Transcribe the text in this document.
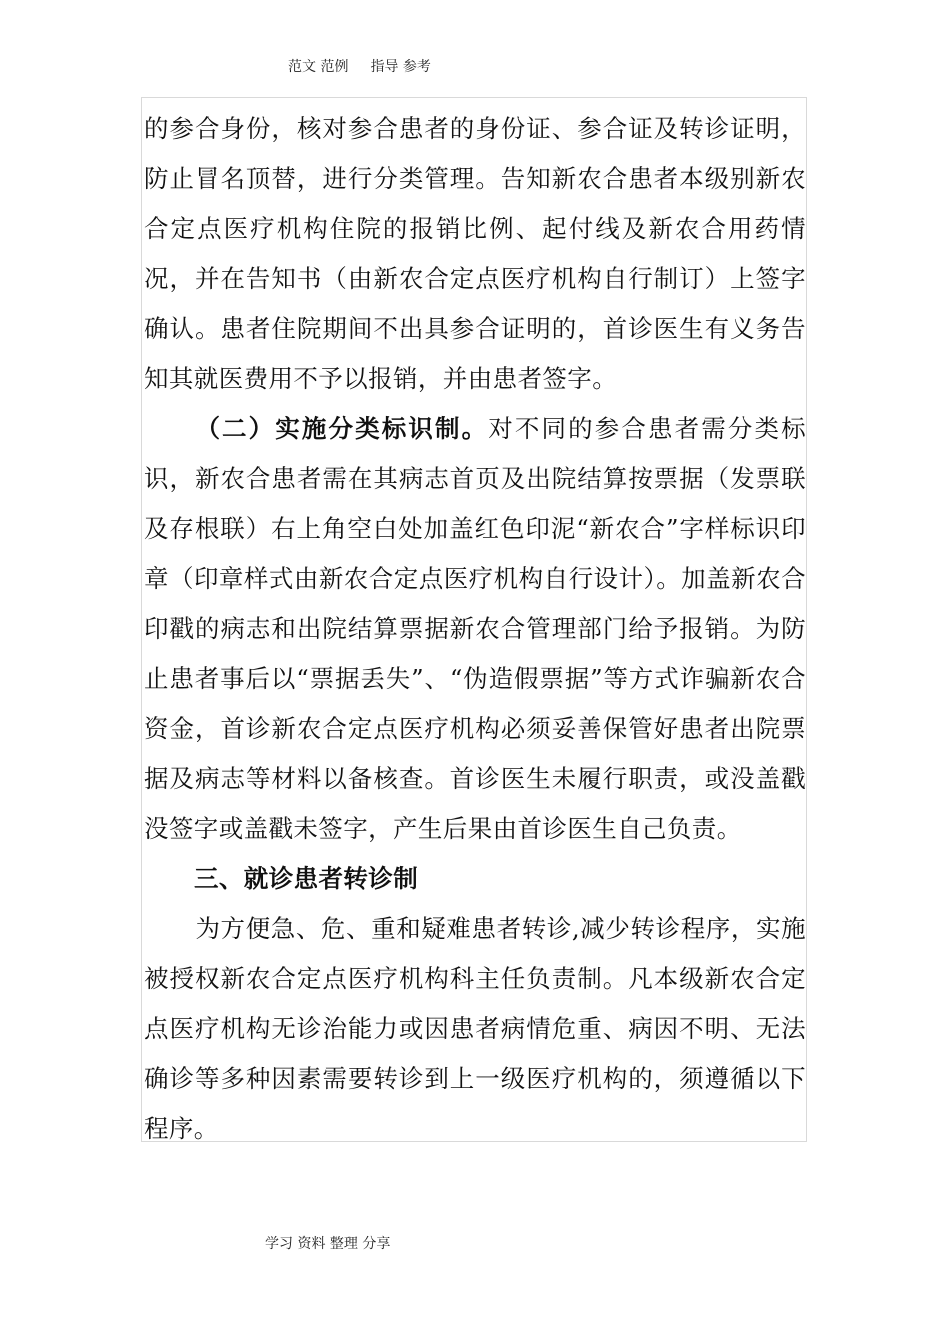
范文 范例 指导 参考

的参合身份，核对参合患者的身份证、参合证及转诊证明，防止冒名顶替，进行分类管理。告知新农合患者本级别新农合定点医疗机构住院的报销比例、起付线及新农合用药情况，并在告知书（由新农合定点医疗机构自行制订）上签字确认。患者住院期间不出具参合证明的，首诊医生有义务告知其就医费用不予以报销，并由患者签字。

（二）实施分类标识制。对不同的参合患者需分类标识，新农合患者需在其病志首页及出院结算按票据（发票联及存根联）右上角空白处加盖红色印泥“新农合”字样标识印章（印章样式由新农合定点医疗机构自行设计）。加盖新农合印戳的病志和出院结算票据新农合管理部门给予报销。为防止患者事后以“票据丢失”、“伪造假票据”等方式诈骗新农合资金，首诊新农合定点医疗机构必须妥善保管好患者出院票据及病志等材料以备核查。首诊医生未履行职责，或没盖戳没签字或盖戳未签字，产生后果由首诊医生自己负责。

三、就诊患者转诊制

为方便急、危、重和疑难患者转诊,减少转诊程序，实施被授权新农合定点医疗机构科主任负责制。凡本级新农合定点医疗机构无诊治能力或因患者病情危重、病因不明、无法确诊等多种因素需要转诊到上一级医疗机构的，须遵循以下程序。

学习 资料 整理 分享
